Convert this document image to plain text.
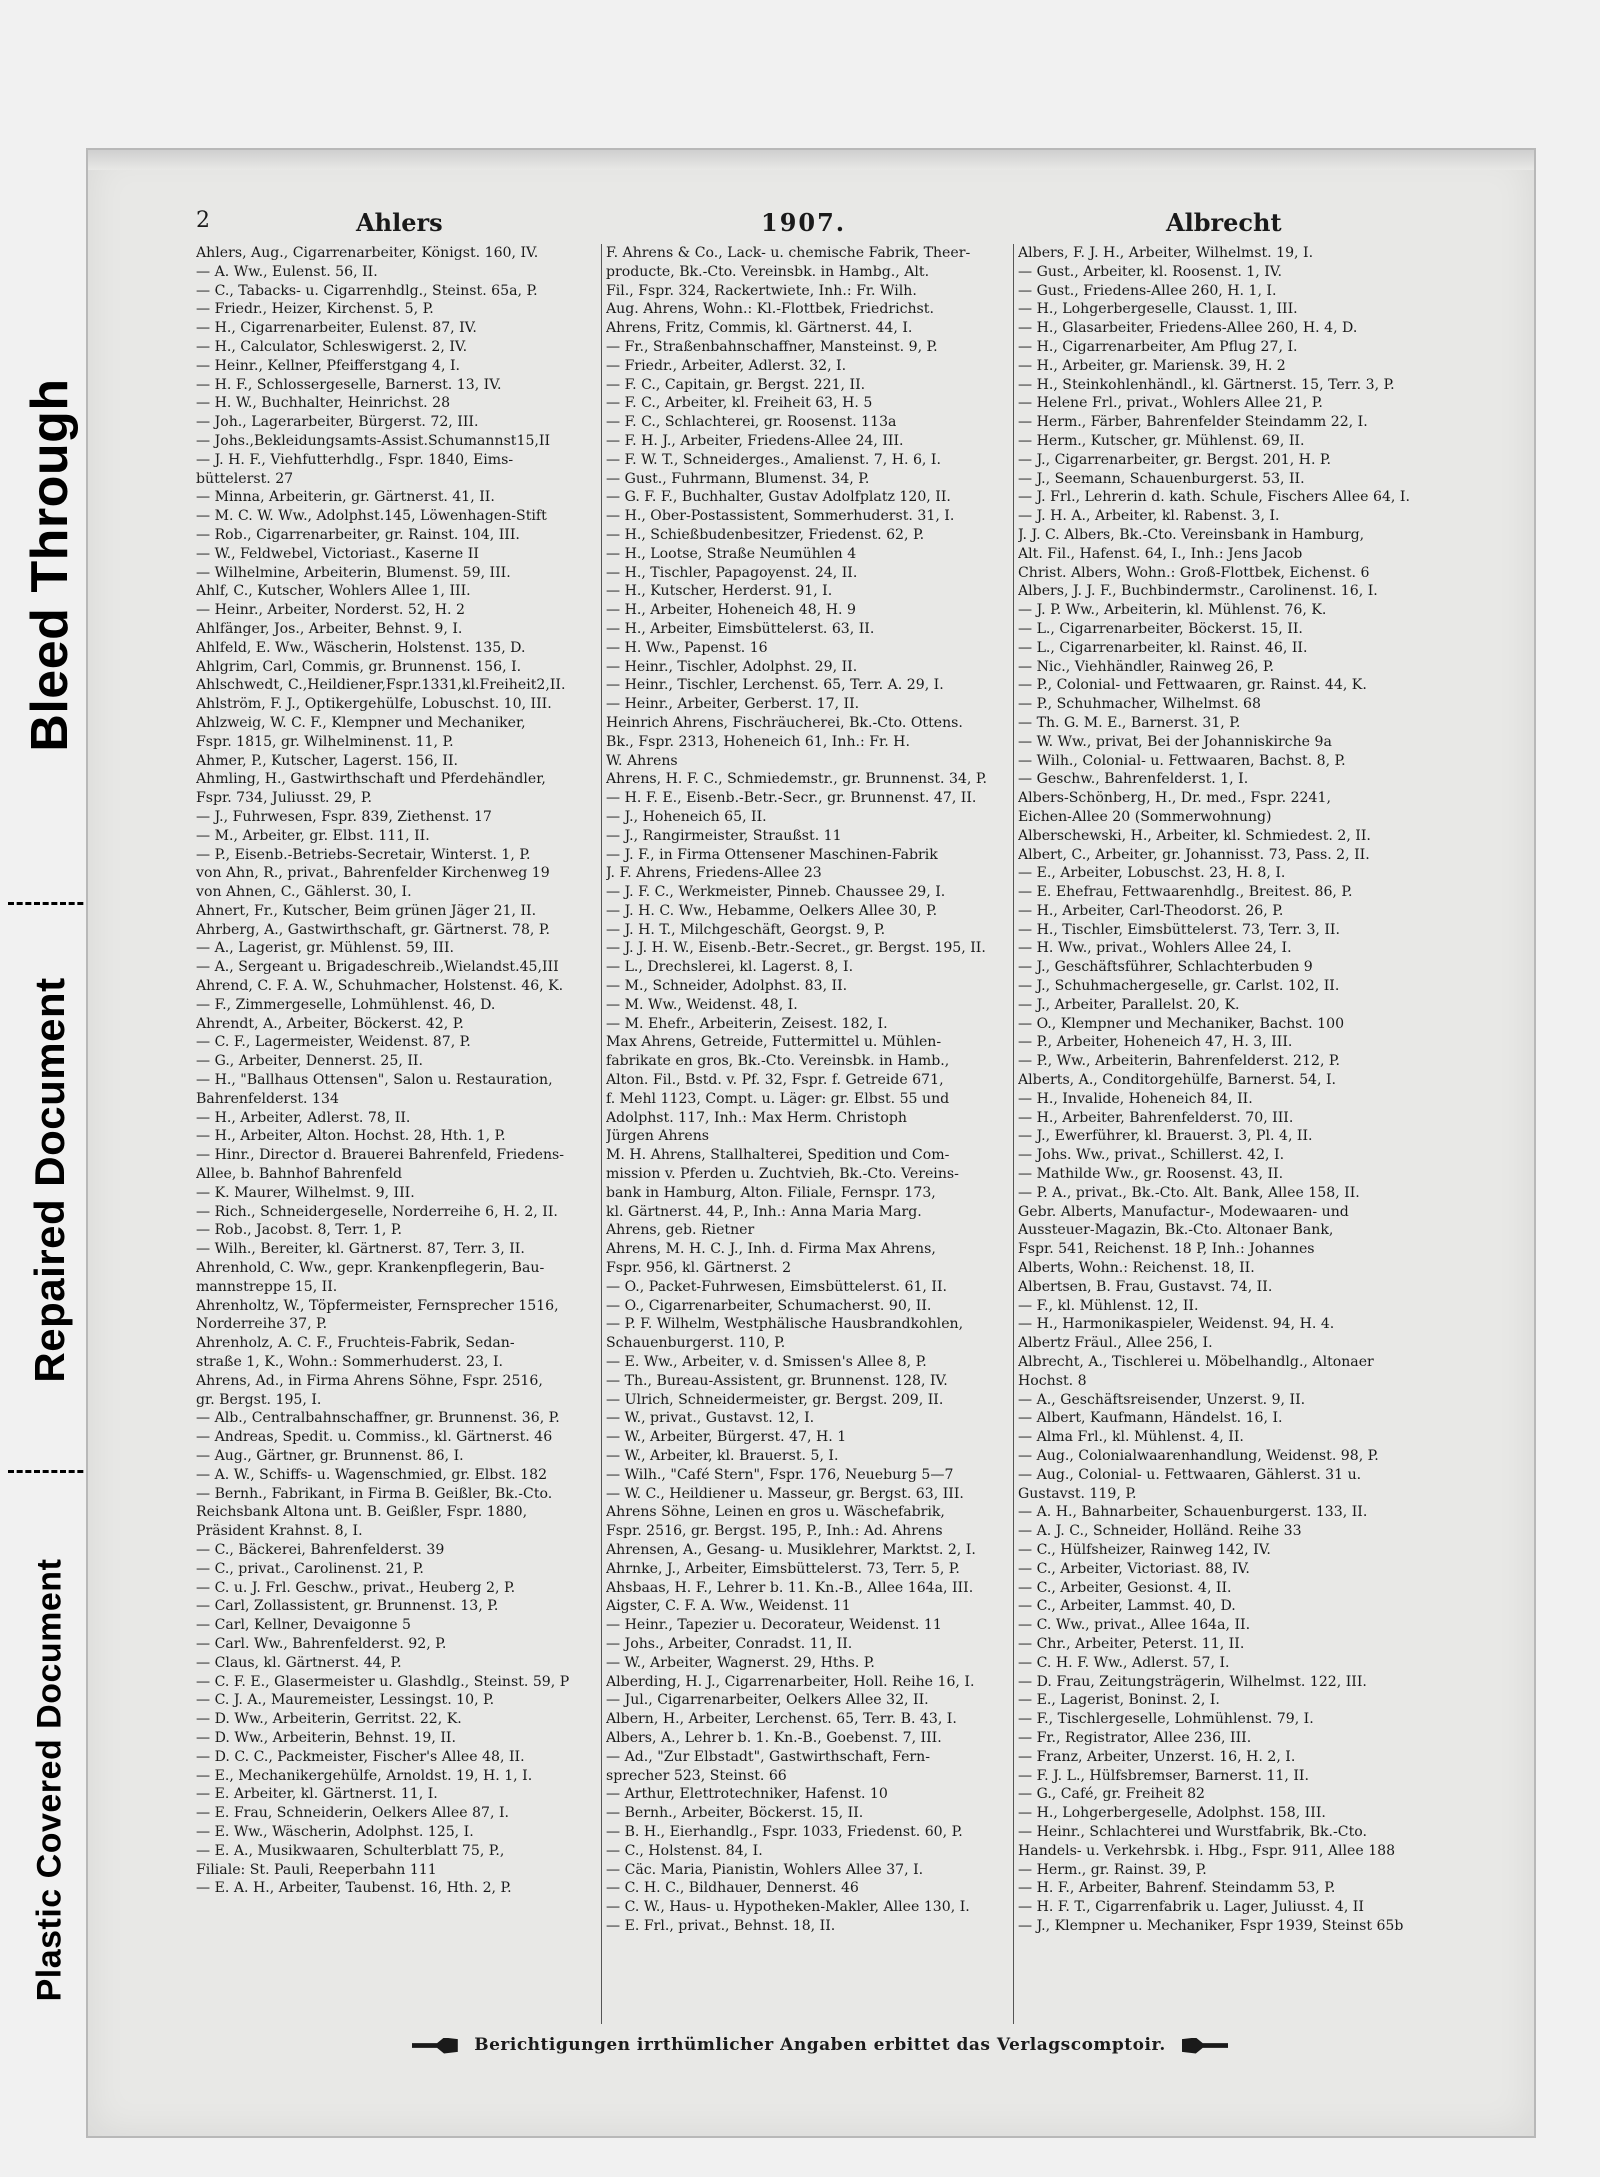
Bleed Through
Repaired Document
Plastic Covered Document
2	Ahlers	1907.	Albrecht
Ahlers, Aug., Cigarrenarbeiter, Königst. 160, IV.
— A. Ww., Eulenst. 56, II.
— C., Tabacks- u. Cigarrenhdlg., Steinst. 65a, P.
— Friedr., Heizer, Kirchenst. 5, P.
— H., Cigarrenarbeiter, Eulenst. 87, IV.
— H., Calculator, Schleswigerst. 2, IV.
— Heinr., Kellner, Pfeifferstgang 4, I.
— H. F., Schlossergeselle, Barnerst. 13, IV.
— H. W., Buchhalter, Heinrichst. 28
— Joh., Lagerarbeiter, Bürgerst. 72, III.
— Johs.,Bekleidungsamts-Assist.Schumannst15,II
— J. H. F., Viehfutterhdlg., Fspr. 1840, Eims-
büttelerst. 27
— Minna, Arbeiterin, gr. Gärtnerst. 41, II.
— M. C. W. Ww., Adolphst.145, Löwenhagen-Stift
— Rob., Cigarrenarbeiter, gr. Rainst. 104, III.
— W., Feldwebel, Victoriast., Kaserne II
— Wilhelmine, Arbeiterin, Blumenst. 59, III.
Ahlf, C., Kutscher, Wohlers Allee 1, III.
— Heinr., Arbeiter, Norderst. 52, H. 2
Ahlfänger, Jos., Arbeiter, Behnst. 9, I.
Ahlfeld, E. Ww., Wäscherin, Holstenst. 135, D.
Ahlgrim, Carl, Commis, gr. Brunnenst. 156, I.
Ahlschwedt, C.,Heildiener,Fspr.1331,kl.Freiheit2,II.
Ahlström, F. J., Optikergehülfe, Lobuschst. 10, III.
Ahlzweig, W. C. F., Klempner und Mechaniker,
Fspr. 1815, gr. Wilhelminenst. 11, P.
Ahmer, P., Kutscher, Lagerst. 156, II.
Ahmling, H., Gastwirthschaft und Pferdehändler,
Fspr. 734, Juliusst. 29, P.
— J., Fuhrwesen, Fspr. 839, Ziethenst. 17
— M., Arbeiter, gr. Elbst. 111, II.
— P., Eisenb.-Betriebs-Secretair, Winterst. 1, P.
von Ahn, R., privat., Bahrenfelder Kirchenweg 19
von Ahnen, C., Gählerst. 30, I.
Ahnert, Fr., Kutscher, Beim grünen Jäger 21, II.
Ahrberg, A., Gastwirthschaft, gr. Gärtnerst. 78, P.
— A., Lagerist, gr. Mühlenst. 59, III.
— A., Sergeant u. Brigadeschreib.,Wielandst.45,III
Ahrend, C. F. A. W., Schuhmacher, Holstenst. 46, K.
— F., Zimmergeselle, Lohmühlenst. 46, D.
Ahrendt, A., Arbeiter, Böckerst. 42, P.
— C. F., Lagermeister, Weidenst. 87, P.
— G., Arbeiter, Dennerst. 25, II.
— H., "Ballhaus Ottensen", Salon u. Restauration,
Bahrenfelderst. 134
— H., Arbeiter, Adlerst. 78, II.
— H., Arbeiter, Alton. Hochst. 28, Hth. 1, P.
— Hinr., Director d. Brauerei Bahrenfeld, Friedens-
Allee, b. Bahnhof Bahrenfeld
— K. Maurer, Wilhelmst. 9, III.
— Rich., Schneidergeselle, Norderreihe 6, H. 2, II.
— Rob., Jacobst. 8, Terr. 1, P.
— Wilh., Bereiter, kl. Gärtnerst. 87, Terr. 3, II.
Ahrenhold, C. Ww., gepr. Krankenpflegerin, Bau-
mannstreppe 15, II.
Ahrenholtz, W., Töpfermeister, Fernsprecher 1516,
Norderreihe 37, P.
Ahrenholz, A. C. F., Fruchteis-Fabrik, Sedan-
straße 1, K., Wohn.: Sommerhuderst. 23, I.
Ahrens, Ad., in Firma Ahrens Söhne, Fspr. 2516,
gr. Bergst. 195, I.
— Alb., Centralbahnschaffner, gr. Brunnenst. 36, P.
— Andreas, Spedit. u. Commiss., kl. Gärtnerst. 46
— Aug., Gärtner, gr. Brunnenst. 86, I.
— A. W., Schiffs- u. Wagenschmied, gr. Elbst. 182
— Bernh., Fabrikant, in Firma B. Geißler, Bk.-Cto.
Reichsbank Altona unt. B. Geißler, Fspr. 1880,
Präsident Krahnst. 8, I.
— C., Bäckerei, Bahrenfelderst. 39
— C., privat., Carolinenst. 21, P.
— C. u. J. Frl. Geschw., privat., Heuberg 2, P.
— Carl, Zollassistent, gr. Brunnenst. 13, P.
— Carl, Kellner, Devaigonne 5
— Carl. Ww., Bahrenfelderst. 92, P.
— Claus, kl. Gärtnerst. 44, P.
— C. F. E., Glasermeister u. Glashdlg., Steinst. 59, P
— C. J. A., Mauremeister, Lessingst. 10, P.
— D. Ww., Arbeiterin, Gerritst. 22, K.
— D. Ww., Arbeiterin, Behnst. 19, II.
— D. C. C., Packmeister, Fischer's Allee 48, II.
— E., Mechanikergehülfe, Arnoldst. 19, H. 1, I.
— E. Arbeiter, kl. Gärtnerst. 11, I.
— E. Frau, Schneiderin, Oelkers Allee 87, I.
— E. Ww., Wäscherin, Adolphst. 125, I.
— E. A., Musikwaaren, Schulterblatt 75, P.,
Filiale: St. Pauli, Reeperbahn 111
— E. A. H., Arbeiter, Taubenst. 16, Hth. 2, P.
F. Ahrens & Co., Lack- u. chemische Fabrik, Theer-
producte, Bk.-Cto. Vereinsbk. in Hambg., Alt.
Fil., Fspr. 324, Rackertwiete, Inh.: Fr. Wilh.
Aug. Ahrens, Wohn.: Kl.-Flottbek, Friedrichst.
Ahrens, Fritz, Commis, kl. Gärtnerst. 44, I.
— Fr., Straßenbahnschaffner, Mansteinst. 9, P.
— Friedr., Arbeiter, Adlerst. 32, I.
— F. C., Capitain, gr. Bergst. 221, II.
— F. C., Arbeiter, kl. Freiheit 63, H. 5
— F. C., Schlachterei, gr. Roosenst. 113a
— F. H. J., Arbeiter, Friedens-Allee 24, III.
— F. W. T., Schneiderges., Amalienst. 7, H. 6, I.
— Gust., Fuhrmann, Blumenst. 34, P.
— G. F. F., Buchhalter, Gustav Adolfplatz 120, II.
— H., Ober-Postassistent, Sommerhuderst. 31, I.
— H., Schießbudenbesitzer, Friedenst. 62, P.
— H., Lootse, Straße Neumühlen 4
— H., Tischler, Papagoyenst. 24, II.
— H., Kutscher, Herderst. 91, I.
— H., Arbeiter, Hoheneich 48, H. 9
— H., Arbeiter, Eimsbüttelerst. 63, II.
— H. Ww., Papenst. 16
— Heinr., Tischler, Adolphst. 29, II.
— Heinr., Tischler, Lerchenst. 65, Terr. A. 29, I.
— Heinr., Arbeiter, Gerberst. 17, II.
Heinrich Ahrens, Fischräucherei, Bk.-Cto. Ottens.
Bk., Fspr. 2313, Hoheneich 61, Inh.: Fr. H.
W. Ahrens
Ahrens, H. F. C., Schmiedemstr., gr. Brunnenst. 34, P.
— H. F. E., Eisenb.-Betr.-Secr., gr. Brunnenst. 47, II.
— J., Hoheneich 65, II.
— J., Rangirmeister, Straußst. 11
— J. F., in Firma Ottensener Maschinen-Fabrik
J. F. Ahrens, Friedens-Allee 23
— J. F. C., Werkmeister, Pinneb. Chaussee 29, I.
— J. H. C. Ww., Hebamme, Oelkers Allee 30, P.
— J. H. T., Milchgeschäft, Georgst. 9, P.
— J. J. H. W., Eisenb.-Betr.-Secret., gr. Bergst. 195, II.
— L., Drechslerei, kl. Lagerst. 8, I.
— M., Schneider, Adolphst. 83, II.
— M. Ww., Weidenst. 48, I.
— M. Ehefr., Arbeiterin, Zeisest. 182, I.
Max Ahrens, Getreide, Futtermittel u. Mühlen-
fabrikate en gros, Bk.-Cto. Vereinsbk. in Hamb.,
Alton. Fil., Bstd. v. Pf. 32, Fspr. f. Getreide 671,
f. Mehl 1123, Compt. u. Läger: gr. Elbst. 55 und
Adolphst. 117, Inh.: Max Herm. Christoph
Jürgen Ahrens
M. H. Ahrens, Stallhalterei, Spedition und Com-
mission v. Pferden u. Zuchtvieh, Bk.-Cto. Vereins-
bank in Hamburg, Alton. Filiale, Fernspr. 173,
kl. Gärtnerst. 44, P., Inh.: Anna Maria Marg.
Ahrens, geb. Rietner
Ahrens, M. H. C. J., Inh. d. Firma Max Ahrens,
Fspr. 956, kl. Gärtnerst. 2
— O., Packet-Fuhrwesen, Eimsbüttelerst. 61, II.
— O., Cigarrenarbeiter, Schumacherst. 90, II.
— P. F. Wilhelm, Westphälische Hausbrandkohlen,
Schauenburgerst. 110, P.
— E. Ww., Arbeiter, v. d. Smissen's Allee 8, P.
— Th., Bureau-Assistent, gr. Brunnenst. 128, IV.
— Ulrich, Schneidermeister, gr. Bergst. 209, II.
— W., privat., Gustavst. 12, I.
— W., Arbeiter, Bürgerst. 47, H. 1
— W., Arbeiter, kl. Brauerst. 5, I.
— Wilh., "Café Stern", Fspr. 176, Neueburg 5—7
— W. C., Heildiener u. Masseur, gr. Bergst. 63, III.
Ahrens Söhne, Leinen en gros u. Wäschefabrik,
Fspr. 2516, gr. Bergst. 195, P., Inh.: Ad. Ahrens
Ahrensen, A., Gesang- u. Musiklehrer, Marktst. 2, I.
Ahrnke, J., Arbeiter, Eimsbüttelerst. 73, Terr. 5, P.
Ahsbaas, H. F., Lehrer b. 11. Kn.-B., Allee 164a, III.
Aigster, C. F. A. Ww., Weidenst. 11
— Heinr., Tapezier u. Decorateur, Weidenst. 11
— Johs., Arbeiter, Conradst. 11, II.
— W., Arbeiter, Wagnerst. 29, Hths. P.
Alberding, H. J., Cigarrenarbeiter, Holl. Reihe 16, I.
— Jul., Cigarrenarbeiter, Oelkers Allee 32, II.
Albern, H., Arbeiter, Lerchenst. 65, Terr. B. 43, I.
Albers, A., Lehrer b. 1. Kn.-B., Goebenst. 7, III.
— Ad., "Zur Elbstadt", Gastwirthschaft, Fern-
sprecher 523, Steinst. 66
— Arthur, Elettrotechniker, Hafenst. 10
— Bernh., Arbeiter, Böckerst. 15, II.
— B. H., Eierhandlg., Fspr. 1033, Friedenst. 60, P.
— C., Holstenst. 84, I.
— Cäc. Maria, Pianistin, Wohlers Allee 37, I.
— C. H. C., Bildhauer, Dennerst. 46
— C. W., Haus- u. Hypotheken-Makler, Allee 130, I.
— E. Frl., privat., Behnst. 18, II.
Albers, F. J. H., Arbeiter, Wilhelmst. 19, I.
— Gust., Arbeiter, kl. Roosenst. 1, IV.
— Gust., Friedens-Allee 260, H. 1, I.
— H., Lohgerbergeselle, Clausst. 1, III.
— H., Glasarbeiter, Friedens-Allee 260, H. 4, D.
— H., Cigarrenarbeiter, Am Pflug 27, I.
— H., Arbeiter, gr. Mariensk. 39, H. 2
— H., Steinkohlenhändl., kl. Gärtnerst. 15, Terr. 3, P.
— Helene Frl., privat., Wohlers Allee 21, P.
— Herm., Färber, Bahrenfelder Steindamm 22, I.
— Herm., Kutscher, gr. Mühlenst. 69, II.
— J., Cigarrenarbeiter, gr. Bergst. 201, H. P.
— J., Seemann, Schauenburgerst. 53, II.
— J. Frl., Lehrerin d. kath. Schule, Fischers Allee 64, I.
— J. H. A., Arbeiter, kl. Rabenst. 3, I.
J. J. C. Albers, Bk.-Cto. Vereinsbank in Hamburg,
Alt. Fil., Hafenst. 64, I., Inh.: Jens Jacob
Christ. Albers, Wohn.: Groß-Flottbek, Eichenst. 6
Albers, J. J. F., Buchbindermstr., Carolinenst. 16, I.
— J. P. Ww., Arbeiterin, kl. Mühlenst. 76, K.
— L., Cigarrenarbeiter, Böckerst. 15, II.
— L., Cigarrenarbeiter, kl. Rainst. 46, II.
— Nic., Viehhändler, Rainweg 26, P.
— P., Colonial- und Fettwaaren, gr. Rainst. 44, K.
— P., Schuhmacher, Wilhelmst. 68
— Th. G. M. E., Barnerst. 31, P.
— W. Ww., privat, Bei der Johanniskirche 9a
— Wilh., Colonial- u. Fettwaaren, Bachst. 8, P.
— Geschw., Bahrenfelderst. 1, I.
Albers-Schönberg, H., Dr. med., Fspr. 2241,
Eichen-Allee 20 (Sommerwohnung)
Alberschewski, H., Arbeiter, kl. Schmiedest. 2, II.
Albert, C., Arbeiter, gr. Johannisst. 73, Pass. 2, II.
— E., Arbeiter, Lobuschst. 23, H. 8, I.
— E. Ehefrau, Fettwaarenhdlg., Breitest. 86, P.
— H., Arbeiter, Carl-Theodorst. 26, P.
— H., Tischler, Eimsbüttelerst. 73, Terr. 3, II.
— H. Ww., privat., Wohlers Allee 24, I.
— J., Geschäftsführer, Schlachterbuden 9
— J., Schuhmachergeselle, gr. Carlst. 102, II.
— J., Arbeiter, Parallelst. 20, K.
— O., Klempner und Mechaniker, Bachst. 100
— P., Arbeiter, Hoheneich 47, H. 3, III.
— P., Ww., Arbeiterin, Bahrenfelderst. 212, P.
Alberts, A., Conditorgehülfe, Barnerst. 54, I.
— H., Invalide, Hoheneich 84, II.
— H., Arbeiter, Bahrenfelderst. 70, III.
— J., Ewerführer, kl. Brauerst. 3, Pl. 4, II.
— Johs. Ww., privat., Schillerst. 42, I.
— Mathilde Ww., gr. Roosenst. 43, II.
— P. A., privat., Bk.-Cto. Alt. Bank, Allee 158, II.
Gebr. Alberts, Manufactur-, Modewaaren- und
Aussteuer-Magazin, Bk.-Cto. Altonaer Bank,
Fspr. 541, Reichenst. 18 P, Inh.: Johannes
Alberts, Wohn.: Reichenst. 18, II.
Albertsen, B. Frau, Gustavst. 74, II.
— F., kl. Mühlenst. 12, II.
— H., Harmonikaspieler, Weidenst. 94, H. 4.
Albertz Fräul., Allee 256, I.
Albrecht, A., Tischlerei u. Möbelhandlg., Altonaer
Hochst. 8
— A., Geschäftsreisender, Unzerst. 9, II.
— Albert, Kaufmann, Händelst. 16, I.
— Alma Frl., kl. Mühlenst. 4, II.
— Aug., Colonialwaarenhandlung, Weidenst. 98, P.
— Aug., Colonial- u. Fettwaaren, Gählerst. 31 u.
Gustavst. 119, P.
— A. H., Bahnarbeiter, Schauenburgerst. 133, II.
— A. J. C., Schneider, Holländ. Reihe 33
— C., Hülfsheizer, Rainweg 142, IV.
— C., Arbeiter, Victoriast. 88, IV.
— C., Arbeiter, Gesionst. 4, II.
— C., Arbeiter, Lammst. 40, D.
— C. Ww., privat., Allee 164a, II.
— Chr., Arbeiter, Peterst. 11, II.
— C. H. F. Ww., Adlerst. 57, I.
— D. Frau, Zeitungsträgerin, Wilhelmst. 122, III.
— E., Lagerist, Boninst. 2, I.
— F., Tischlergeselle, Lohmühlenst. 79, I.
— Fr., Registrator, Allee 236, III.
— Franz, Arbeiter, Unzerst. 16, H. 2, I.
— F. J. L., Hülfsbremser, Barnerst. 11, II.
— G., Café, gr. Freiheit 82
— H., Lohgerbergeselle, Adolphst. 158, III.
— Heinr., Schlachterei und Wurstfabrik, Bk.-Cto.
Handels- u. Verkehrsbk. i. Hbg., Fspr. 911, Allee 188
— Herm., gr. Rainst. 39, P.
— H. F., Arbeiter, Bahrenf. Steindamm 53, P.
— H. F. T., Cigarrenfabrik u. Lager, Juliusst. 4, II
— J., Klempner u. Mechaniker, Fspr 1939, Steinst 65b
Berichtigungen irrthümlicher Angaben erbittet das Verlagscomptoir.
